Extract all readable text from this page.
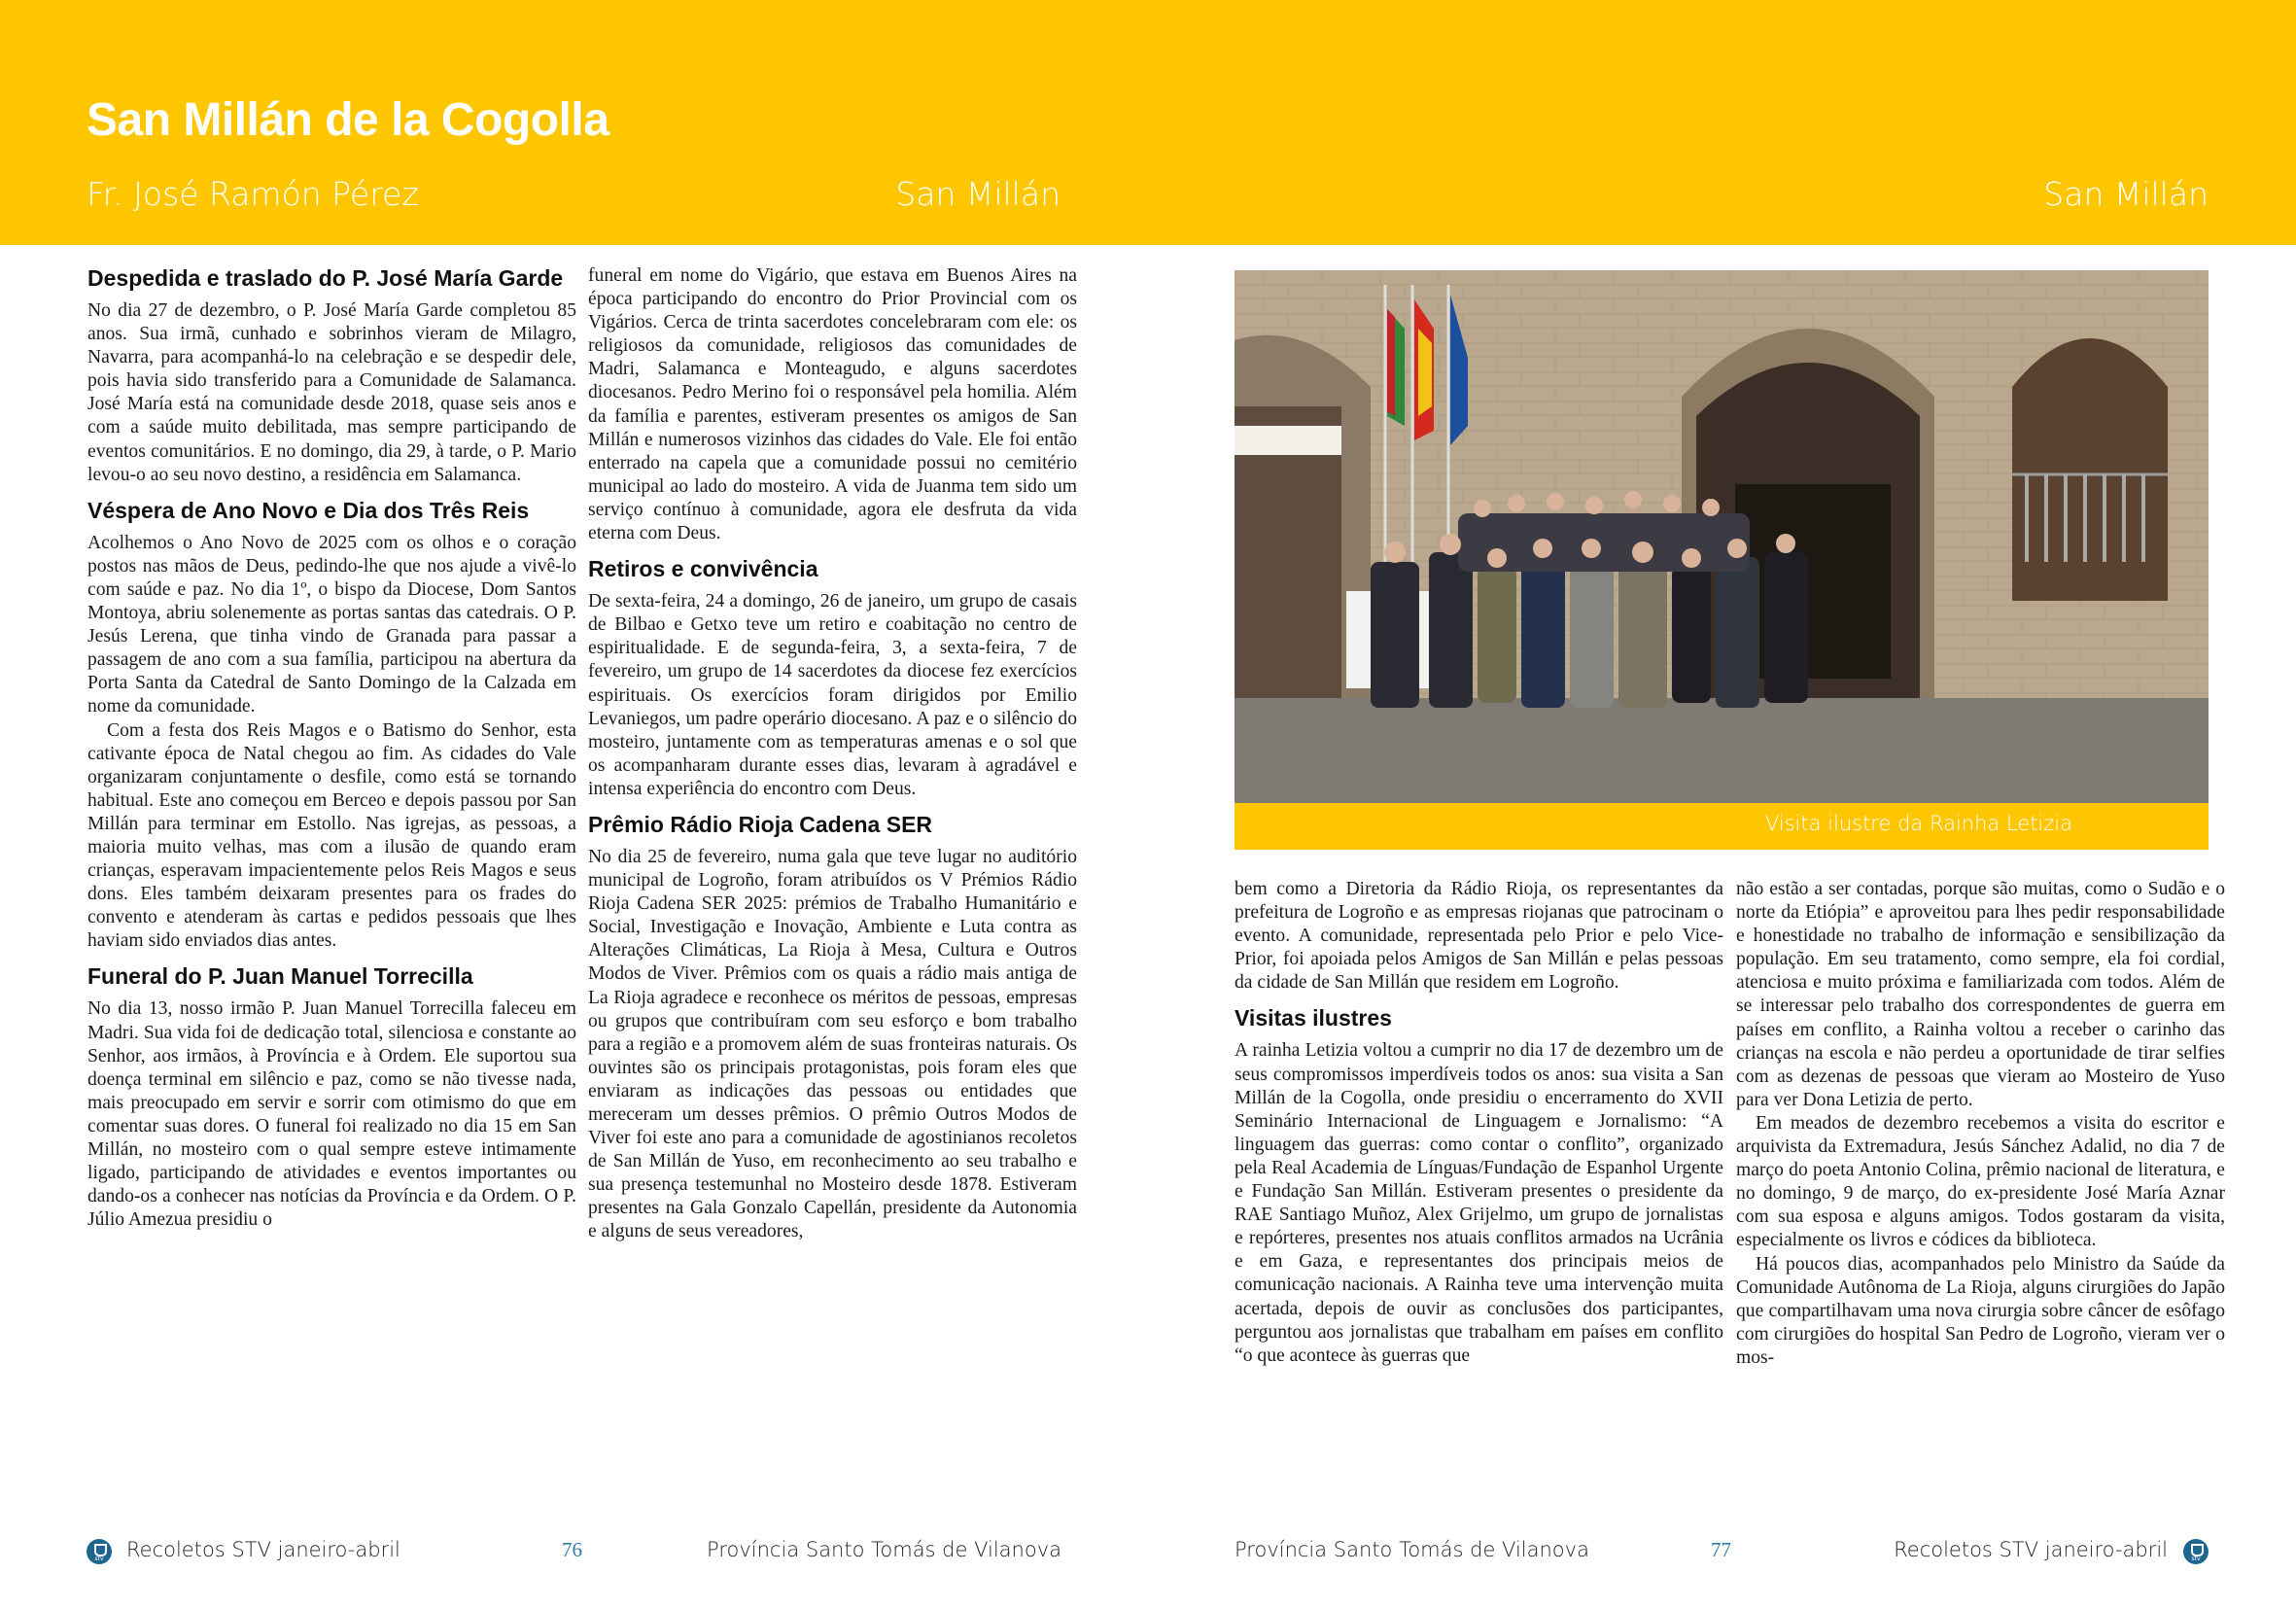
San Millán de la Cogolla
Fr. José Ramón Pérez	San Millán	San Millán
Despedida e traslado do P. José María Garde

No dia 27 de dezembro, o P. José María Garde completou 85 anos. Sua irmã, cunhado e sobrinhos vieram de Milagro, Navarra, para acompanhá-lo na celebração e se despedir dele, pois havia sido transferido para a Comunidade de Salamanca. José María está na comunidade desde 2018, quase seis anos e com a saúde muito debilitada, mas sempre participando de eventos comunitários. E no domingo, dia 29, à tarde, o P. Mario levou-o ao seu novo destino, a residência em Salamanca.

Véspera de Ano Novo e Dia dos Três Reis

Acolhemos o Ano Novo de 2025 com os olhos e o coração postos nas mãos de Deus, pedindo-lhe que nos ajude a vivê-lo com saúde e paz. No dia 1º, o bispo da Diocese, Dom Santos Montoya, abriu solenemente as portas santas das catedrais. O P. Jesús Lerena, que tinha vindo de Granada para passar a passagem de ano com a sua família, participou na abertura da Porta Santa da Catedral de Santo Domingo de la Calzada em nome da comunidade.

Com a festa dos Reis Magos e o Batismo do Senhor, esta cativante época de Natal chegou ao fim. As cidades do Vale organizaram conjuntamente o desfile, como está se tornando habitual. Este ano começou em Berceo e depois passou por San Millán para terminar em Estollo. Nas igrejas, as pessoas, a maioria muito velhas, mas com a ilusão de quando eram crianças, esperavam impacientemente pelos Reis Magos e seus dons. Eles também deixaram presentes para os frades do convento e atenderam às cartas e pedidos pessoais que lhes haviam sido enviados dias antes.

Funeral do P. Juan Manuel Torrecilla

No dia 13, nosso irmão P. Juan Manuel Torrecilla faleceu em Madri. Sua vida foi de dedicação total, silenciosa e constante ao Senhor, aos irmãos, à Província e à Ordem. Ele suportou sua doença terminal em silêncio e paz, como se não tivesse nada, mais preocupado em servir e sorrir com otimismo do que em comentar suas dores. O funeral foi realizado no dia 15 em San Millán, no mosteiro com o qual sempre esteve intimamente ligado, participando de atividades e eventos importantes ou dando-os a conhecer nas notícias da Província e da Ordem. O P. Júlio Amezua presidiu o

funeral em nome do Vigário, que estava em Buenos Aires na época participando do encontro do Prior Provincial com os Vigários. Cerca de trinta sacerdotes concelebraram com ele: os religiosos da comunidade, religiosos das comunidades de Madri, Salamanca e Monteagudo, e alguns sacerdotes diocesanos. Pedro Merino foi o responsável pela homilia. Além da família e parentes, estiveram presentes os amigos de San Millán e numerosos vizinhos das cidades do Vale. Ele foi então enterrado na capela que a comunidade possui no cemitério municipal ao lado do mosteiro. A vida de Juanma tem sido um serviço contínuo à comunidade, agora ele desfruta da vida eterna com Deus.

Retiros e convivência

De sexta-feira, 24 a domingo, 26 de janeiro, um grupo de casais de Bilbao e Getxo teve um retiro e coabitação no centro de espiritualidade. E de segunda-feira, 3, a sexta-feira, 7 de fevereiro, um grupo de 14 sacerdotes da diocese fez exercícios espirituais. Os exercícios foram dirigidos por Emilio Levaniegos, um padre operário diocesano. A paz e o silêncio do mosteiro, juntamente com as temperaturas amenas e o sol que os acompanharam durante esses dias, levaram à agradável e intensa experiência do encontro com Deus.

Prêmio Rádio Rioja Cadena SER

No dia 25 de fevereiro, numa gala que teve lugar no auditório municipal de Logroño, foram atribuídos os V Prémios Rádio Rioja Cadena SER 2025: prémios de Trabalho Humanitário e Social, Investigação e Inovação, Ambiente e Luta contra as Alterações Climáticas, La Rioja à Mesa, Cultura e Outros Modos de Viver. Prêmios com os quais a rádio mais antiga de La Rioja agradece e reconhece os méritos de pessoas, empresas ou grupos que contribuíram com seu esforço e bom trabalho para a região e a promovem além de suas fronteiras naturais. Os ouvintes são os principais protagonistas, pois foram eles que enviaram as indicações das pessoas ou entidades que mereceram um desses prêmios. O prêmio Outros Modos de Viver foi este ano para a comunidade de agostinianos recoletos de San Millán de Yuso, em reconhecimento ao seu trabalho e sua presença testemunhal no Mosteiro desde 1878. Estiveram presentes na Gala Gonzalo Capellán, presidente da Autonomia e alguns de seus vereadores,

Visita ilustre da Rainha Letizia

bem como a Diretoria da Rádio Rioja, os representantes da prefeitura de Logroño e as empresas riojanas que patrocinam o evento. A comunidade, representada pelo Prior e pelo Vice-Prior, foi apoiada pelos Amigos de San Millán e pelas pessoas da cidade de San Millán que residem em Logroño.

Visitas ilustres

A rainha Letizia voltou a cumprir no dia 17 de dezembro um de seus compromissos imperdíveis todos os anos: sua visita a San Millán de la Cogolla, onde presidiu o encerramento do XVII Seminário Internacional de Linguagem e Jornalismo: “A linguagem das guerras: como contar o conflito”, organizado pela Real Academia de Línguas/Fundação de Espanhol Urgente e Fundação San Millán. Estiveram presentes o presidente da RAE Santiago Muñoz, Alex Grijelmo, um grupo de jornalistas e repórteres, presentes nos atuais conflitos armados na Ucrânia e em Gaza, e representantes dos principais meios de comunicação nacionais. A Rainha teve uma intervenção muita acertada, depois de ouvir as conclusões dos participantes, perguntou aos jornalistas que trabalham em países em conflito “o que acontece às guerras que

não estão a ser contadas, porque são muitas, como o Sudão e o norte da Etiópia” e aproveitou para lhes pedir responsabilidade e honestidade no trabalho de informação e sensibilização da população. Em seu tratamento, como sempre, ela foi cordial, atenciosa e muito próxima e familiarizada com todos. Além de se interessar pelo trabalho dos correspondentes de guerra em países em conflito, a Rainha voltou a receber o carinho das crianças na escola e não perdeu a oportunidade de tirar selfies com as dezenas de pessoas que vieram ao Mosteiro de Yuso para ver Dona Letizia de perto.

Em meados de dezembro recebemos a visita do escritor e arquivista da Extremadura, Jesús Sánchez Adalid, no dia 7 de março do poeta Antonio Colina, prêmio nacional de literatura, e no domingo, 9 de março, do ex-presidente José María Aznar com sua esposa e alguns amigos. Todos gostaram da visita, especialmente os livros e códices da biblioteca.

Há poucos dias, acompanhados pelo Ministro da Saúde da Comunidade Autônoma de La Rioja, alguns cirurgiões do Japão que compartilhavam uma nova cirurgia sobre câncer de esôfago com cirurgiões do hospital San Pedro de Logroño, vieram ver o mos-

stv	Recoletos STV janeiro-abril	76	Província Santo Tomás de Vilanova	Província Santo Tomás de Vilanova	77	Recoletos STV janeiro-abril	stv
